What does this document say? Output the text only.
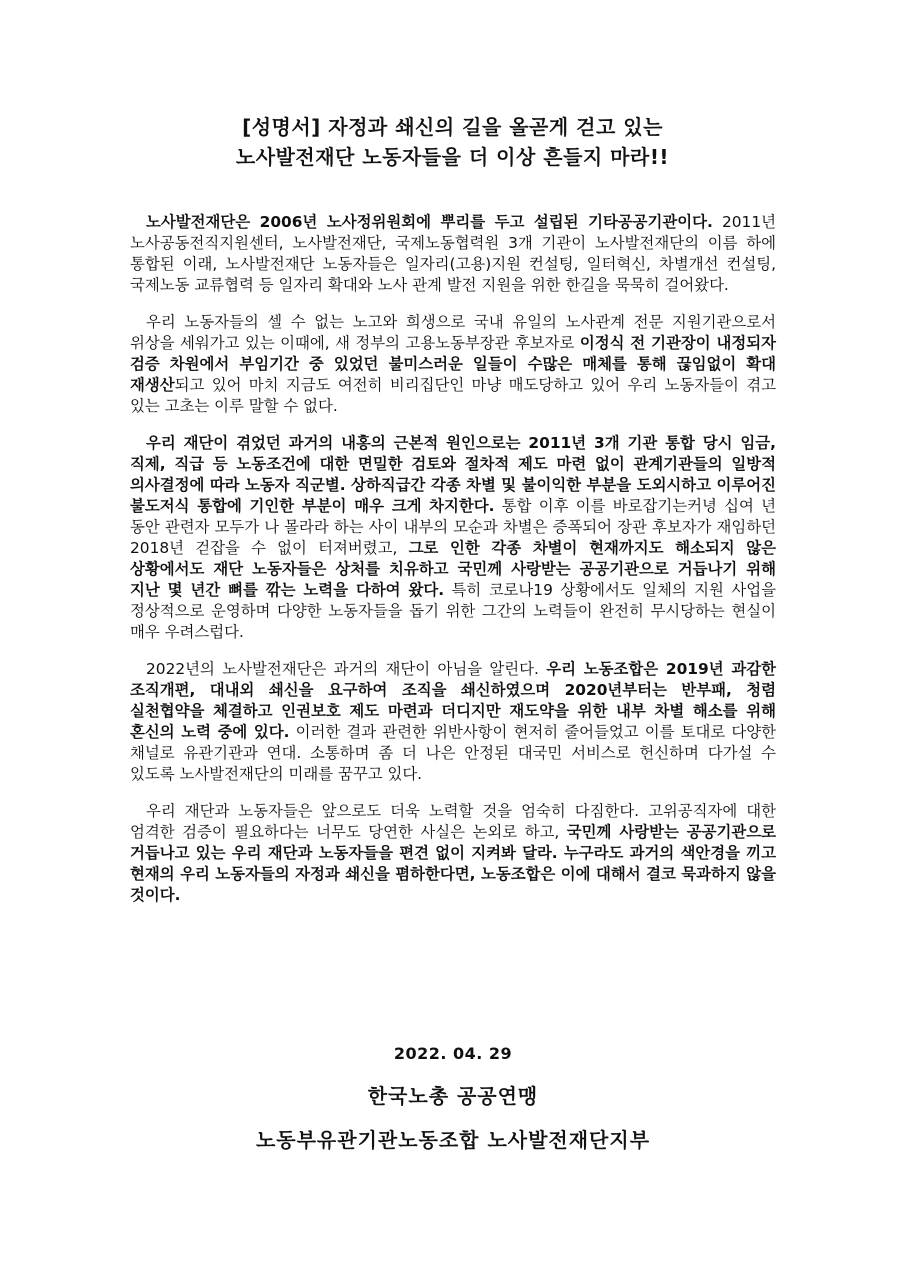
[성명서] 자정과 쇄신의 길을 올곧게 걷고 있는
노사발전재단 노동자들을 더 이상 흔들지 마라!!

노사발전재단은 2006년 노사정위원회에 뿌리를 두고 설립된 기타공공기관이다. 2011년 노사공동전직지원센터, 노사발전재단, 국제노동협력원 3개 기관이 노사발전재단의 이름 하에 통합된 이래, 노사발전재단 노동자들은 일자리(고용)지원 컨설팅, 일터혁신, 차별개선 컨설팅, 국제노동 교류협력 등 일자리 확대와 노사 관계 발전 지원을 위한 한길을 묵묵히 걸어왔다.

우리 노동자들의 셀 수 없는 노고와 희생으로 국내 유일의 노사관계 전문 지원기관으로서 위상을 세워가고 있는 이때에, 새 정부의 고용노동부장관 후보자로 이정식 전 기관장이 내정되자 검증 차원에서 부임기간 중 있었던 불미스러운 일들이 수많은 매체를 통해 끊임없이 확대 재생산되고 있어 마치 지금도 여전히 비리집단인 마냥 매도당하고 있어 우리 노동자들이 겪고 있는 고초는 이루 말할 수 없다.

우리 재단이 겪었던 과거의 내홍의 근본적 원인으로는 2011년 3개 기관 통합 당시 임금, 직제, 직급 등 노동조건에 대한 면밀한 검토와 절차적 제도 마련 없이 관계기관들의 일방적 의사결정에 따라 노동자 직군별. 상하직급간 각종 차별 및 불이익한 부분을 도외시하고 이루어진 불도저식 통합에 기인한 부분이 매우 크게 차지한다. 통합 이후 이를 바로잡기는커녕 십여 년 동안 관련자 모두가 나 몰라라 하는 사이 내부의 모순과 차별은 증폭되어 장관 후보자가 재임하던 2018년 걷잡을 수 없이 터져버렸고, 그로 인한 각종 차별이 현재까지도 해소되지 않은 상황에서도 재단 노동자들은 상처를 치유하고 국민께 사랑받는 공공기관으로 거듭나기 위해 지난 몇 년간 뼈를 깎는 노력을 다하여 왔다. 특히 코로나19 상황에서도 일체의 지원 사업을 정상적으로 운영하며 다양한 노동자들을 돕기 위한 그간의 노력들이 완전히 무시당하는 현실이 매우 우려스럽다.

2022년의 노사발전재단은 과거의 재단이 아님을 알린다. 우리 노동조합은 2019년 과감한 조직개편, 대내외 쇄신을 요구하여 조직을 쇄신하였으며 2020년부터는 반부패, 청렴 실천협약을 체결하고 인권보호 제도 마련과 더디지만 재도약을 위한 내부 차별 해소를 위해 혼신의 노력 중에 있다. 이러한 결과 관련한 위반사항이 현저히 줄어들었고 이를 토대로 다양한 채널로 유관기관과 연대. 소통하며 좀 더 나은 안정된 대국민 서비스로 헌신하며 다가설 수 있도록 노사발전재단의 미래를 꿈꾸고 있다.

우리 재단과 노동자들은 앞으로도 더욱 노력할 것을 엄숙히 다짐한다. 고위공직자에 대한 엄격한 검증이 필요하다는 너무도 당연한 사실은 논외로 하고, 국민께 사랑받는 공공기관으로 거듭나고 있는 우리 재단과 노동자들을 편견 없이 지켜봐 달라. 누구라도 과거의 색안경을 끼고 현재의 우리 노동자들의 자정과 쇄신을 폄하한다면, 노동조합은 이에 대해서 결코 묵과하지 않을 것이다.

2022. 04. 29
한국노총 공공연맹
노동부유관기관노동조합 노사발전재단지부
